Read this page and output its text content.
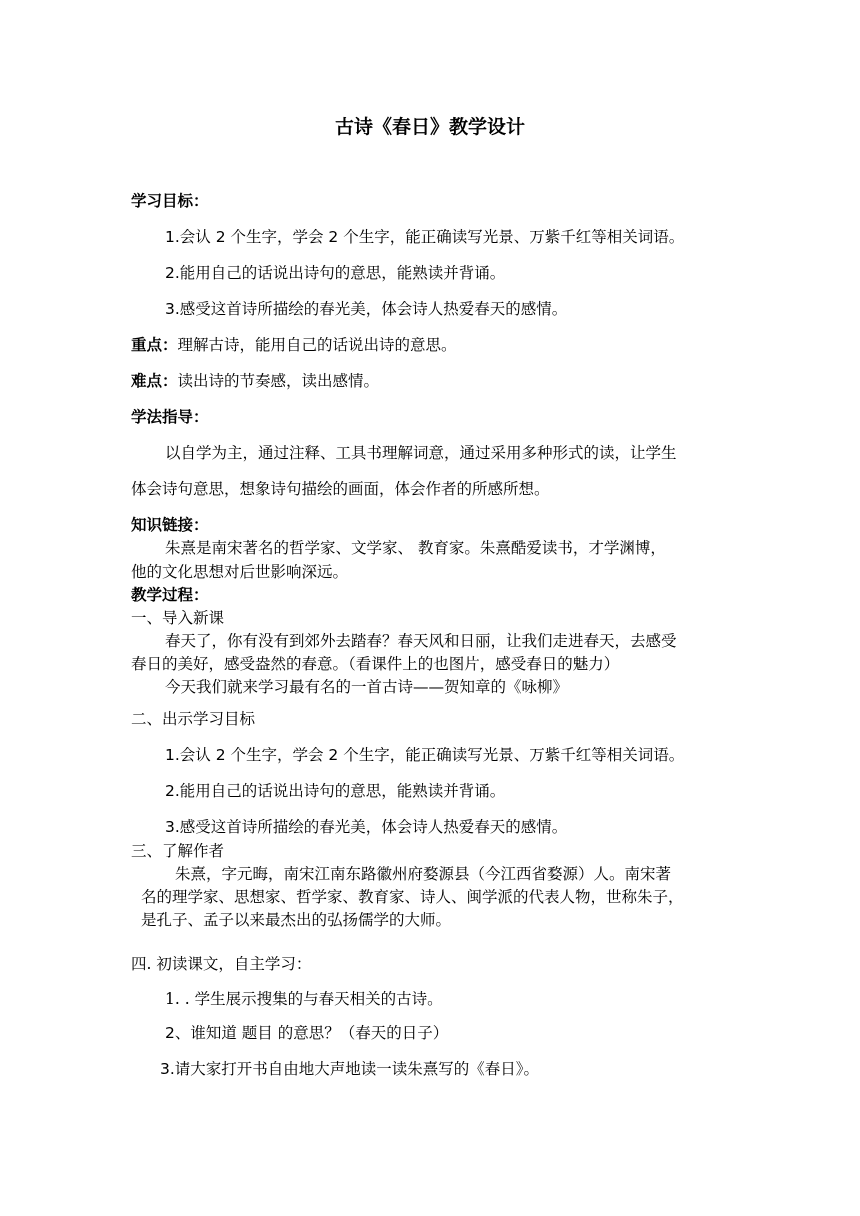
古诗《春日》教学设计
学习目标：
1.会认 2 个生字，学会 2 个生字，能正确读写光景、万紫千红等相关词语。
2.能用自己的话说出诗句的意思，能熟读并背诵。
3.感受这首诗所描绘的春光美，体会诗人热爱春天的感情。
重点：理解古诗，能用自己的话说出诗的意思。
难点：读出诗的节奏感，读出感情。
学法指导：
以自学为主，通过注释、工具书理解词意，通过采用多种形式的读，让学生
体会诗句意思，想象诗句描绘的画面，体会作者的所感所想。
知识链接：
朱熹是南宋著名的哲学家、文学家、 教育家。朱熹酷爱读书，才学渊博，
他的文化思想对后世影响深远。
教学过程：
一、导入新课
春天了，你有没有到郊外去踏春？春天风和日丽，让我们走进春天，去感受
春日的美好，感受盎然的春意。（看课件上的也图片，感受春日的魅力）
今天我们就来学习最有名的一首古诗——贺知章的《咏柳》
二、出示学习目标
1.会认 2 个生字，学会 2 个生字，能正确读写光景、万紫千红等相关词语。
2.能用自己的话说出诗句的意思，能熟读并背诵。
3.感受这首诗所描绘的春光美，体会诗人热爱春天的感情。
三、了解作者
朱熹，字元晦，南宋江南东路徽州府婺源县（今江西省婺源）人。南宋著
名的理学家、思想家、哲学家、教育家、诗人、闽学派的代表人物，世称朱子，
是孔子、孟子以来最杰出的弘扬儒学的大师。
四. 初读课文，自主学习：
1. . 学生展示搜集的与春天相关的古诗。
2、谁知道 题目 的意思？（春天的日子）
3.请大家打开书自由地大声地读一读朱熹写的《春日》。
